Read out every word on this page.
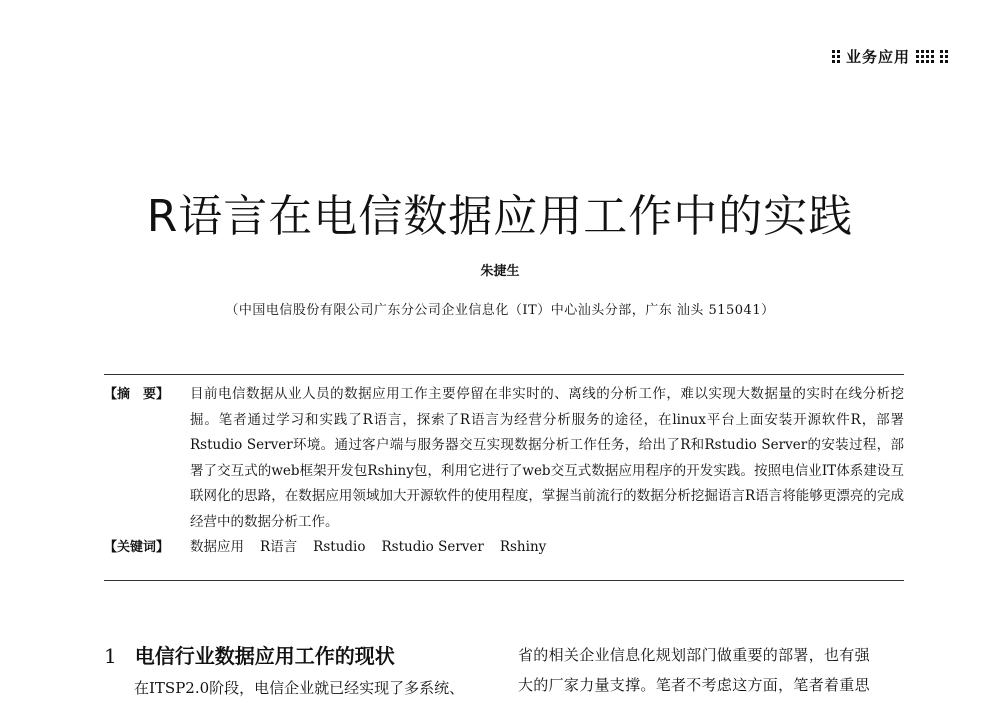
业务应用
R语言在电信数据应用工作中的实践
朱捷生
（中国电信股份有限公司广东分公司企业信息化（IT）中心汕头分部，广东 汕头 515041）
【摘　要】	目前电信数据从业人员的数据应用工作主要停留在非实时的、离线的分析工作，难以实现大数据量的实时在线分析挖掘。笔者通过学习和实践了R语言，探索了R语言为经营分析服务的途径，在linux平台上面安装开源软件R，部署Rstudio Server环境。通过客户端与服务器交互实现数据分析工作任务，给出了R和Rstudio Server的安装过程，部署了交互式的web框架开发包Rshiny包，利用它进行了web交互式数据应用程序的开发实践。按照电信业IT体系建设互联网化的思路，在数据应用领域加大开源软件的使用程度，掌握当前流行的数据分析挖掘语言R语言将能够更漂亮的完成经营中的数据分析工作。
【关键词】	数据应用 R语言 Rstudio Rstudio Server Rshiny
1 电信行业数据应用工作的现状

在ITSP2.0阶段，电信企业就已经实现了多系统、

省的相关企业信息化规划部门做重要的部署，也有强

大的厂家力量支撑。笔者不考虑这方面，笔者着重思
